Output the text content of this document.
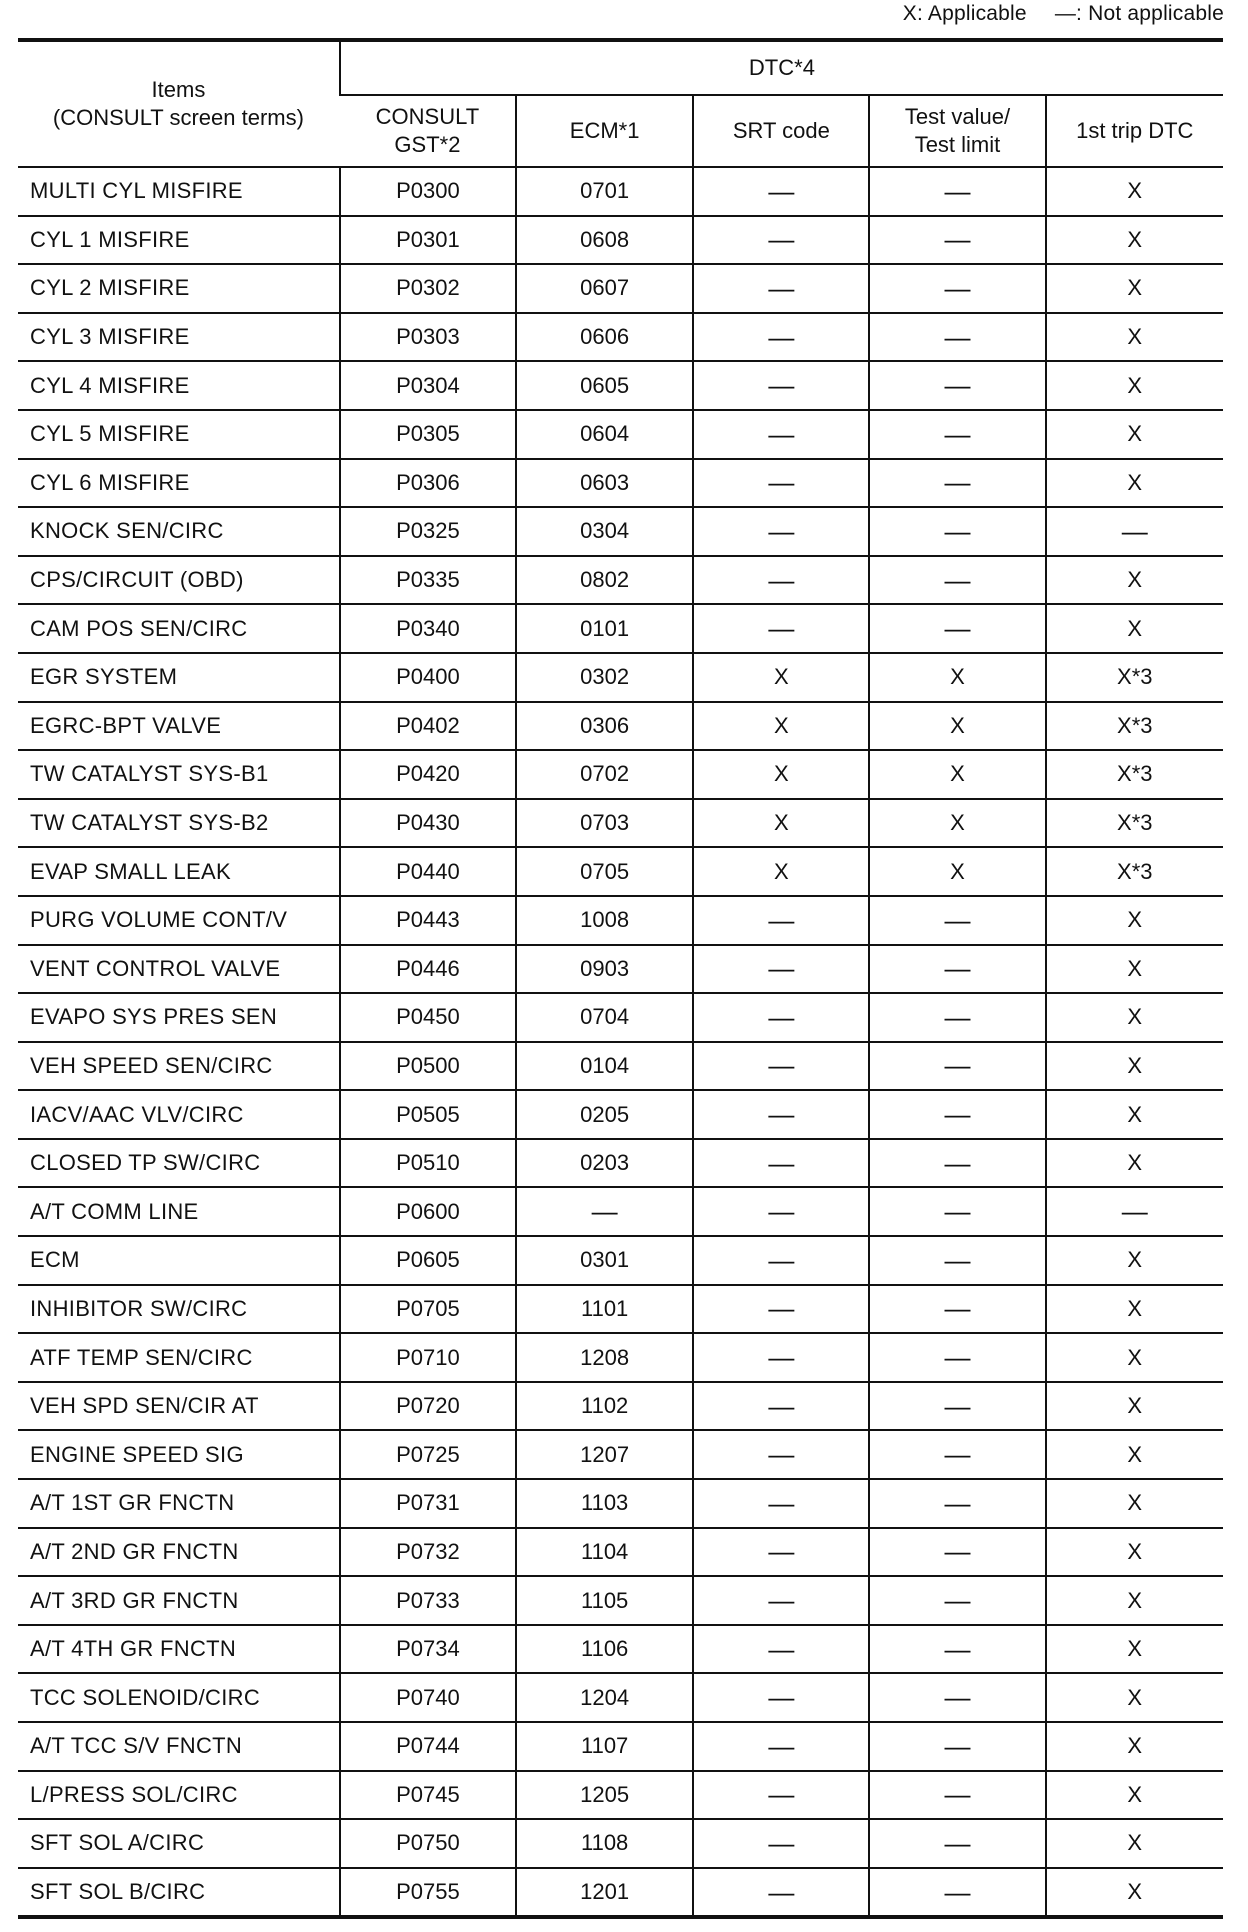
X: Applicable —: Not applicable
Items
(CONSULT screen terms)	DTC*4				
	CONSULT
GST*2	ECM*1	SRT code	Test value/
Test limit	1st trip DTC
MULTI CYL MISFIRE	P0300	0701	—	—	X
CYL 1 MISFIRE	P0301	0608	—	—	X
CYL 2 MISFIRE	P0302	0607	—	—	X
CYL 3 MISFIRE	P0303	0606	—	—	X
CYL 4 MISFIRE	P0304	0605	—	—	X
CYL 5 MISFIRE	P0305	0604	—	—	X
CYL 6 MISFIRE	P0306	0603	—	—	X
KNOCK SEN/CIRC	P0325	0304	—	—	—
CPS/CIRCUIT (OBD)	P0335	0802	—	—	X
CAM POS SEN/CIRC	P0340	0101	—	—	X
EGR SYSTEM	P0400	0302	X	X	X*3
EGRC-BPT VALVE	P0402	0306	X	X	X*3
TW CATALYST SYS-B1	P0420	0702	X	X	X*3
TW CATALYST SYS-B2	P0430	0703	X	X	X*3
EVAP SMALL LEAK	P0440	0705	X	X	X*3
PURG VOLUME CONT/V	P0443	1008	—	—	X
VENT CONTROL VALVE	P0446	0903	—	—	X
EVAPO SYS PRES SEN	P0450	0704	—	—	X
VEH SPEED SEN/CIRC	P0500	0104	—	—	X
IACV/AAC VLV/CIRC	P0505	0205	—	—	X
CLOSED TP SW/CIRC	P0510	0203	—	—	X
A/T COMM LINE	P0600	—	—	—	—
ECM	P0605	0301	—	—	X
INHIBITOR SW/CIRC	P0705	1101	—	—	X
ATF TEMP SEN/CIRC	P0710	1208	—	—	X
VEH SPD SEN/CIR AT	P0720	1102	—	—	X
ENGINE SPEED SIG	P0725	1207	—	—	X
A/T 1ST GR FNCTN	P0731	1103	—	—	X
A/T 2ND GR FNCTN	P0732	1104	—	—	X
A/T 3RD GR FNCTN	P0733	1105	—	—	X
A/T 4TH GR FNCTN	P0734	1106	—	—	X
TCC SOLENOID/CIRC	P0740	1204	—	—	X
A/T TCC S/V FNCTN	P0744	1107	—	—	X
L/PRESS SOL/CIRC	P0745	1205	—	—	X
SFT SOL A/CIRC	P0750	1108	—	—	X
SFT SOL B/CIRC	P0755	1201	—	—	X
